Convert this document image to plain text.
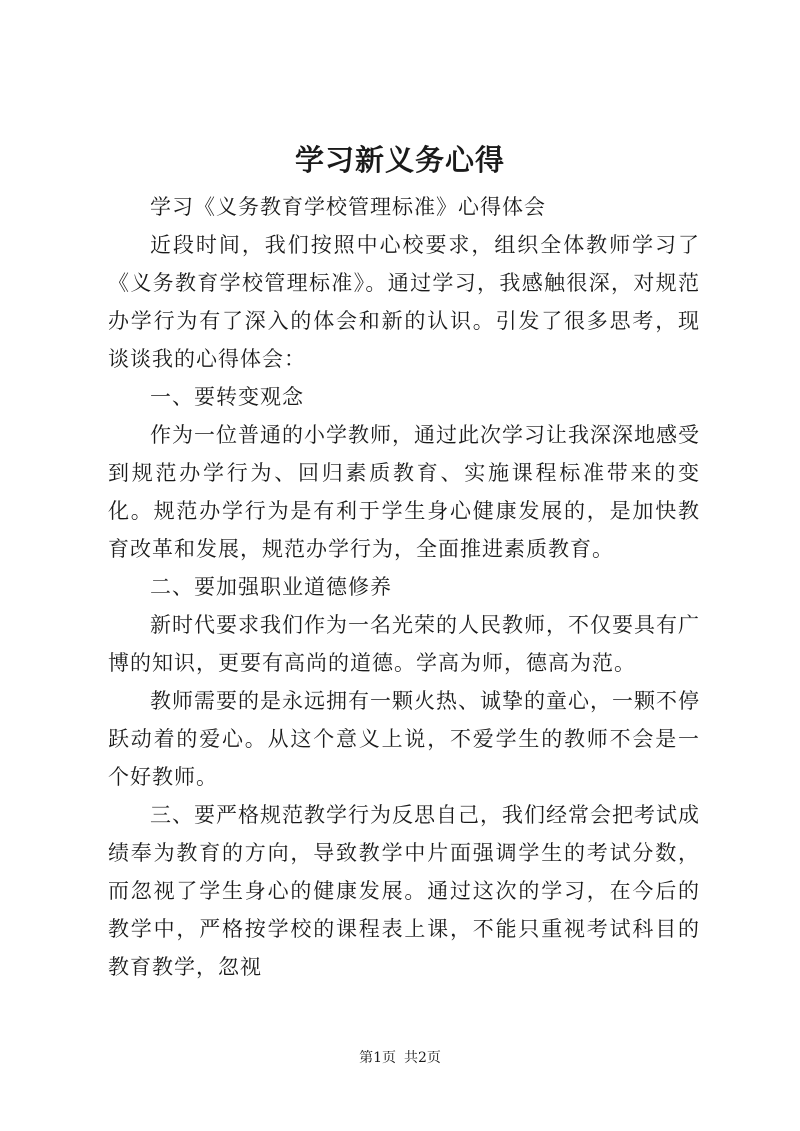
学习新义务心得

学习《义务教育学校管理标准》心得体会

近段时间，我们按照中心校要求，组织全体教师学习了《义务教育学校管理标准》。通过学习，我感触很深，对规范办学行为有了深入的体会和新的认识。引发了很多思考，现谈谈我的心得体会：

一、要转变观念

作为一位普通的小学教师，通过此次学习让我深深地感受到规范办学行为、回归素质教育、实施课程标准带来的变化。规范办学行为是有利于学生身心健康发展的，是加快教育改革和发展，规范办学行为，全面推进素质教育。

二、要加强职业道德修养

新时代要求我们作为一名光荣的人民教师，不仅要具有广博的知识，更要有高尚的道德。学高为师，德高为范。

教师需要的是永远拥有一颗火热、诚挚的童心，一颗不停跃动着的爱心。从这个意义上说，不爱学生的教师不会是一个好教师。

三、要严格规范教学行为反思自己，我们经常会把考试成绩奉为教育的方向，导致教学中片面强调学生的考试分数，而忽视了学生身心的健康发展。通过这次的学习，在今后的教学中，严格按学校的课程表上课，不能只重视考试科目的教育教学，忽视

第1页 共2页
